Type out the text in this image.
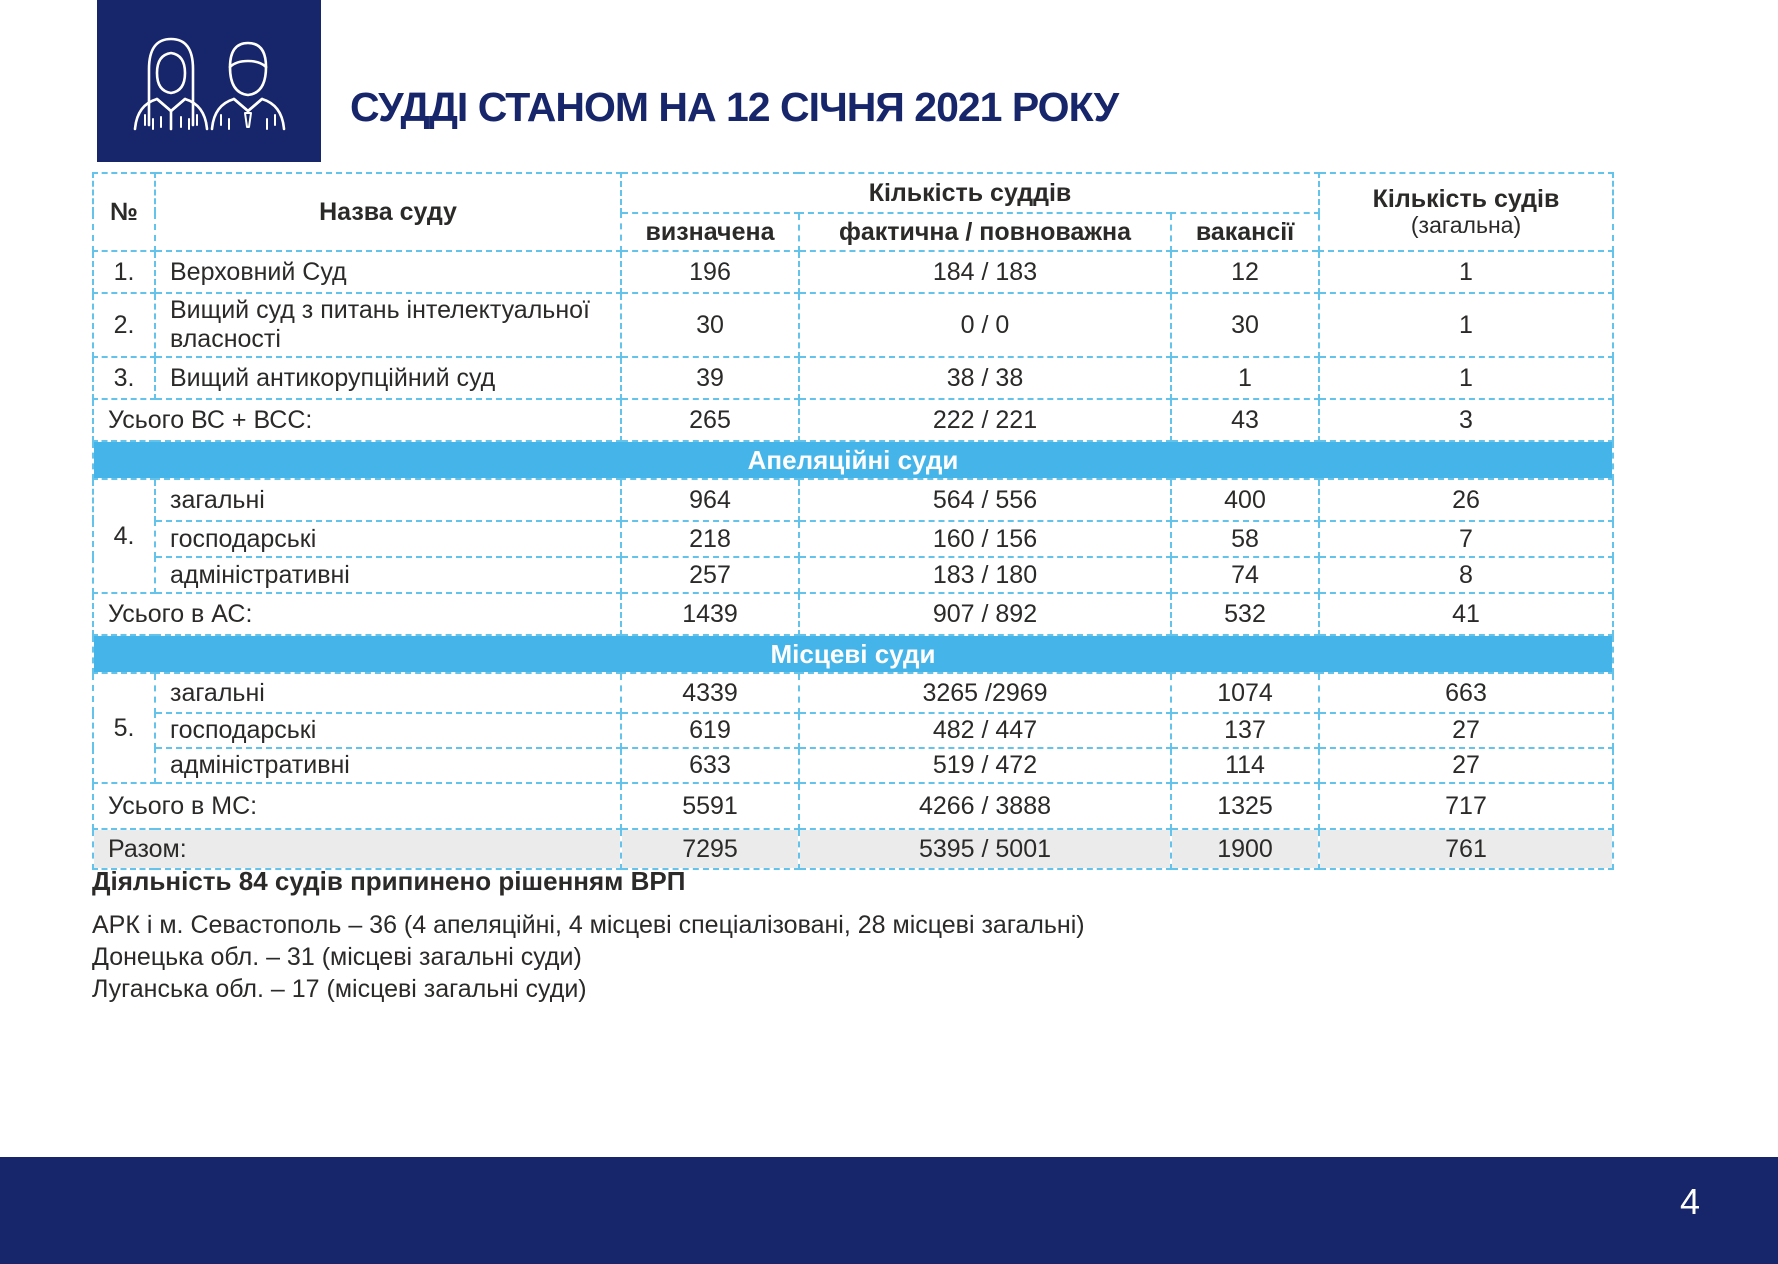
СУДДІ СТАНОМ НА 12 СІЧНЯ 2021 РОКУ
№	Назва суду	Кількість суддів			Кількість судів
(загальна)

		визначена	фактична / повноважна	вакансії	
1.	Верховний Суд	196	184 / 183	12	1
2.	Вищий суд з питань інтелектуальної власності	30	0 / 0	30	1
3.	Вищий антикорупційний суд	39	38 / 38	1	1
Усього ВС + ВСС:		265	222 / 221	43	3
Апеляційні суди					
4.	загальні	964	564 / 556	400	26
	господарські	218	160 / 156	58	7
	адміністративні	257	183 / 180	74	8
Усього в АС:		1439	907 / 892	532	41
Місцеві суди					
5.	загальні	4339	3265 /2969	1074	663
	господарські	619	482 / 447	137	27
	адміністративні	633	519 / 472	114	27
Усього в МС:		5591	4266 / 3888	1325	717
Разом:		7295	5395 / 5001	1900	761
Діяльність 84 судів припинено рішенням ВРП
АРК і м. Севастополь – 36 (4 апеляційні, 4 місцеві спеціалізовані, 28 місцеві загальні)
Донецька обл. – 31 (місцеві загальні суди)
Луганська обл. – 17 (місцеві загальні суди)
4
